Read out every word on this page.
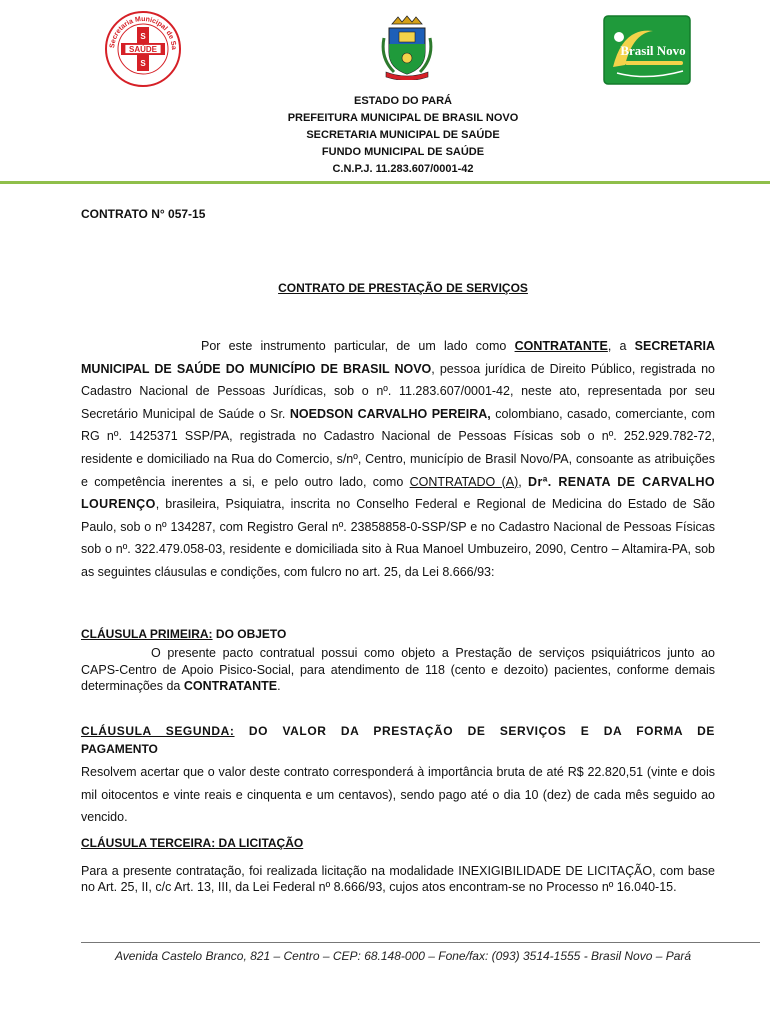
Secretaria Municipal de Sa
SAÚDE
S
S
Brasil Novo
ESTADO DO PARÁ
PREFEITURA MUNICIPAL DE BRASIL NOVO
SECRETARIA MUNICIPAL DE SAÚDE
FUNDO MUNICIPAL DE SAÚDE
C.N.P.J. 11.283.607/0001-42
CONTRATO N° 057-15
CONTRATO DE PRESTAÇÃO DE SERVIÇOS
Por este instrumento particular, de um lado como CONTRATANTE, a SECRETARIA MUNICIPAL DE SAÚDE DO MUNICÍPIO DE BRASIL NOVO, pessoa jurídica de Direito Público, registrada no Cadastro Nacional de Pessoas Jurídicas, sob o nº. 11.283.607/0001-42, neste ato, representada por seu Secretário Municipal de Saúde o Sr. NOEDSON CARVALHO PEREIRA, colombiano, casado, comerciante, com RG nº. 1425371 SSP/PA, registrada no Cadastro Nacional de Pessoas Físicas sob o nº. 252.929.782-72, residente e domiciliado na Rua do Comercio, s/nº, Centro, município de Brasil Novo/PA, consoante as atribuições e competência inerentes a si, e pelo outro lado, como CONTRATADO (A), Drª. RENATA DE CARVALHO LOURENÇO, brasileira, Psiquiatra, inscrita no Conselho Federal e Regional de Medicina do Estado de São Paulo, sob o nº 134287, com Registro Geral nº. 23858858-0-SSP/SP e no Cadastro Nacional de Pessoas Físicas sob o nº. 322.479.058-03, residente e domiciliada sito à Rua Manoel Umbuzeiro, 2090, Centro – Altamira-PA, sob as seguintes cláusulas e condições, com fulcro no art. 25, da Lei 8.666/93:
CLÁUSULA PRIMEIRA: DO OBJETO
O presente pacto contratual possui como objeto a Prestação de serviços psiquiátricos junto ao CAPS-Centro de Apoio Pisico-Social, para atendimento de 118 (cento e dezoito) pacientes, conforme demais determinações da CONTRATANTE.
CLÁUSULA SEGUNDA: DO VALOR DA PRESTAÇÃO DE SERVIÇOS E DA FORMA DE
PAGAMENTO
Resolvem acertar que o valor deste contrato corresponderá à importância bruta de até R$ 22.820,51 (vinte e dois mil oitocentos e vinte reais e cinquenta e um centavos), sendo pago até o dia 10 (dez) de cada mês seguido ao vencido.
CLÁUSULA TERCEIRA: DA LICITAÇÃO
Para a presente contratação, foi realizada licitação na modalidade INEXIGIBILIDADE DE LICITAÇÃO, com base no Art. 25, II, c/c Art. 13, III, da Lei Federal nº 8.666/93, cujos atos encontram-se no Processo nº 16.040-15.
Avenida Castelo Branco, 821 – Centro – CEP: 68.148-000 – Fone/fax: (093) 3514-1555 - Brasil Novo – Pará
